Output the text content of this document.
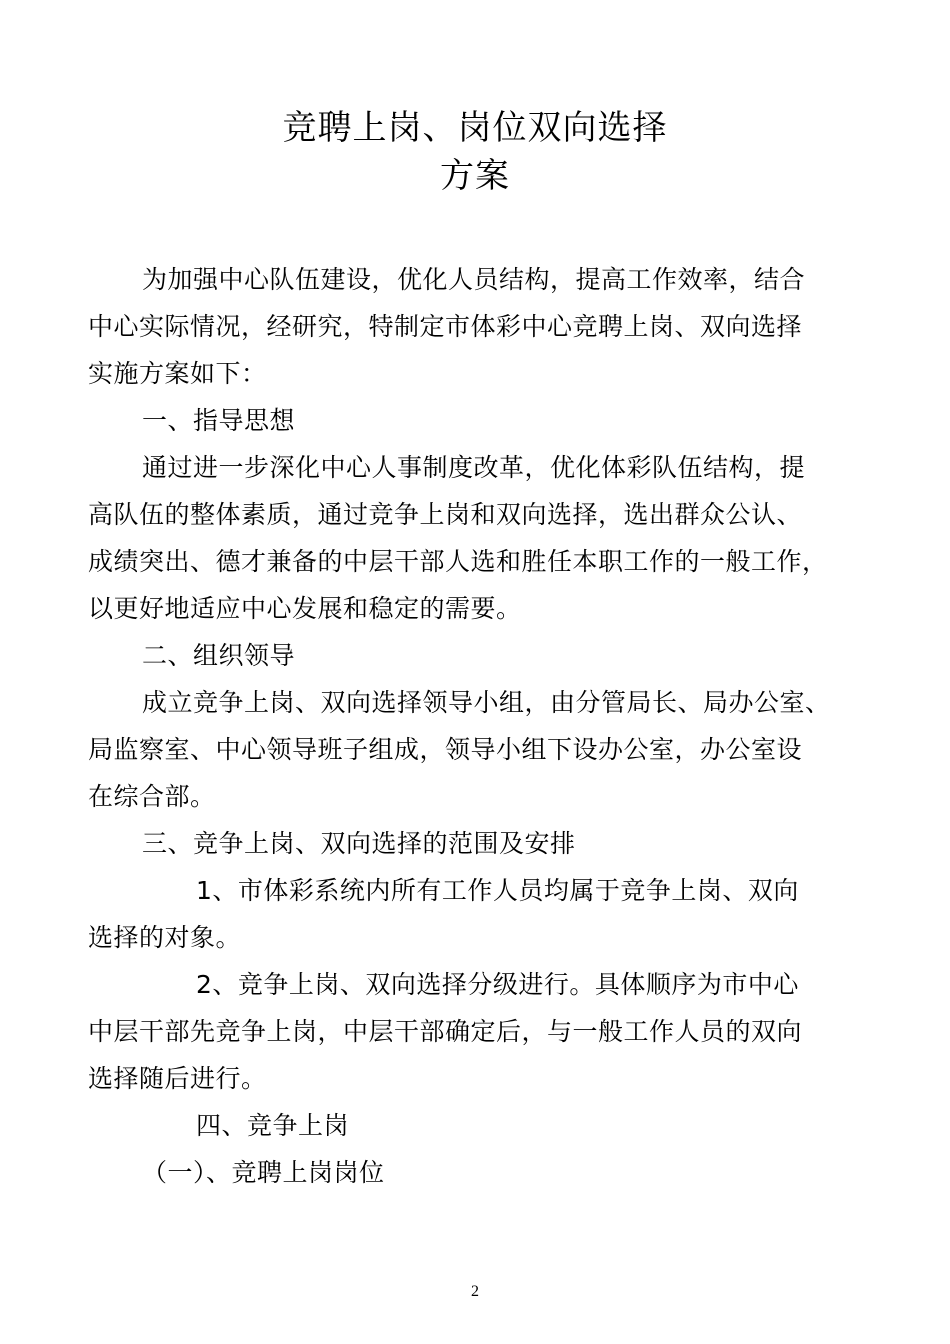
竞聘上岗、岗位双向选择
方案
为加强中心队伍建设，优化人员结构，提高工作效率，结合
中心实际情况，经研究，特制定市体彩中心竞聘上岗、双向选择
实施方案如下：
一、指导思想
通过进一步深化中心人事制度改革，优化体彩队伍结构，提
高队伍的整体素质，通过竞争上岗和双向选择，选出群众公认、
成绩突出、德才兼备的中层干部人选和胜任本职工作的一般工作，
以更好地适应中心发展和稳定的需要。
二、组织领导
成立竞争上岗、双向选择领导小组，由分管局长、局办公室、
局监察室、中心领导班子组成，领导小组下设办公室，办公室设
在综合部。
三、竞争上岗、双向选择的范围及安排
1、市体彩系统内所有工作人员均属于竞争上岗、双向
选择的对象。
2、竞争上岗、双向选择分级进行。具体顺序为市中心
中层干部先竞争上岗，中层干部确定后，与一般工作人员的双向
选择随后进行。
四、竞争上岗
（一）、竞聘上岗岗位
2
